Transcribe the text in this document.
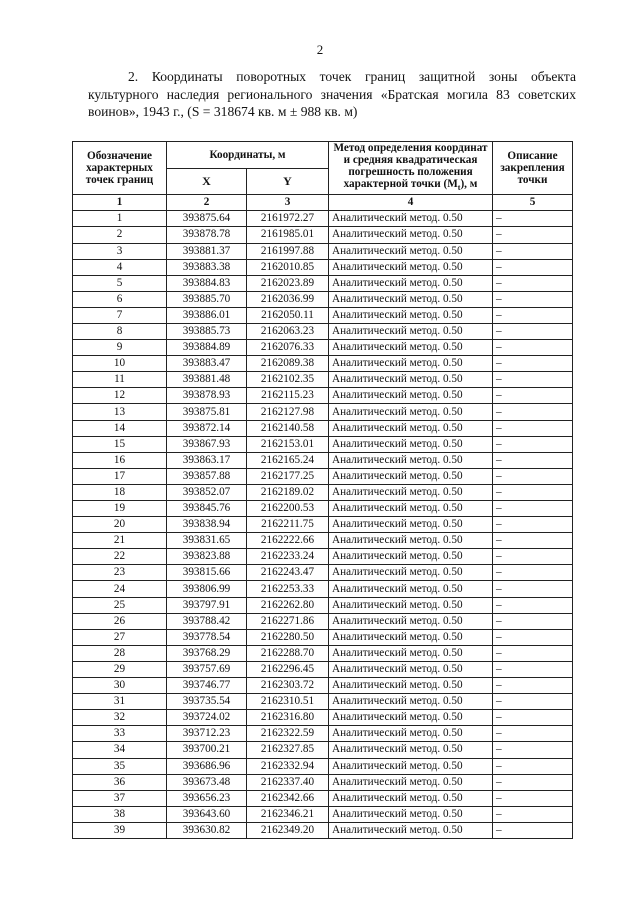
2

2. Координаты поворотных точек границ защитной зоны объекта культурного наследия регионального значения «Братская могила 83 советских воинов», 1943 г., (S = 318674 кв. м ± 988 кв. м)

Обозначение характерных точек границ	Координаты, м		Метод определения координат и средняя квадратическая погрешность положения характерной точки $(M_t)$, м	Описание закрепления точки
	X	Y		
1	2	3	4	5
1	393875.64	2161972.27	Аналитический метод. 0.50	–
2	393878.78	2161985.01	Аналитический метод. 0.50	–
3	393881.37	2161997.88	Аналитический метод. 0.50	–
4	393883.38	2162010.85	Аналитический метод. 0.50	–
5	393884.83	2162023.89	Аналитический метод. 0.50	–
6	393885.70	2162036.99	Аналитический метод. 0.50	–
7	393886.01	2162050.11	Аналитический метод. 0.50	–
8	393885.73	2162063.23	Аналитический метод. 0.50	–
9	393884.89	2162076.33	Аналитический метод. 0.50	–
10	393883.47	2162089.38	Аналитический метод. 0.50	–
11	393881.48	2162102.35	Аналитический метод. 0.50	–
12	393878.93	2162115.23	Аналитический метод. 0.50	–
13	393875.81	2162127.98	Аналитический метод. 0.50	–
14	393872.14	2162140.58	Аналитический метод. 0.50	–
15	393867.93	2162153.01	Аналитический метод. 0.50	–
16	393863.17	2162165.24	Аналитический метод. 0.50	–
17	393857.88	2162177.25	Аналитический метод. 0.50	–
18	393852.07	2162189.02	Аналитический метод. 0.50	–
19	393845.76	2162200.53	Аналитический метод. 0.50	–
20	393838.94	2162211.75	Аналитический метод. 0.50	–
21	393831.65	2162222.66	Аналитический метод. 0.50	–
22	393823.88	2162233.24	Аналитический метод. 0.50	–
23	393815.66	2162243.47	Аналитический метод. 0.50	–
24	393806.99	2162253.33	Аналитический метод. 0.50	–
25	393797.91	2162262.80	Аналитический метод. 0.50	–
26	393788.42	2162271.86	Аналитический метод. 0.50	–
27	393778.54	2162280.50	Аналитический метод. 0.50	–
28	393768.29	2162288.70	Аналитический метод. 0.50	–
29	393757.69	2162296.45	Аналитический метод. 0.50	–
30	393746.77	2162303.72	Аналитический метод. 0.50	–
31	393735.54	2162310.51	Аналитический метод. 0.50	–
32	393724.02	2162316.80	Аналитический метод. 0.50	–
33	393712.23	2162322.59	Аналитический метод. 0.50	–
34	393700.21	2162327.85	Аналитический метод. 0.50	–
35	393686.96	2162332.94	Аналитический метод. 0.50	–
36	393673.48	2162337.40	Аналитический метод. 0.50	–
37	393656.23	2162342.66	Аналитический метод. 0.50	–
38	393643.60	2162346.21	Аналитический метод. 0.50	–
39	393630.82	2162349.20	Аналитический метод. 0.50	–
